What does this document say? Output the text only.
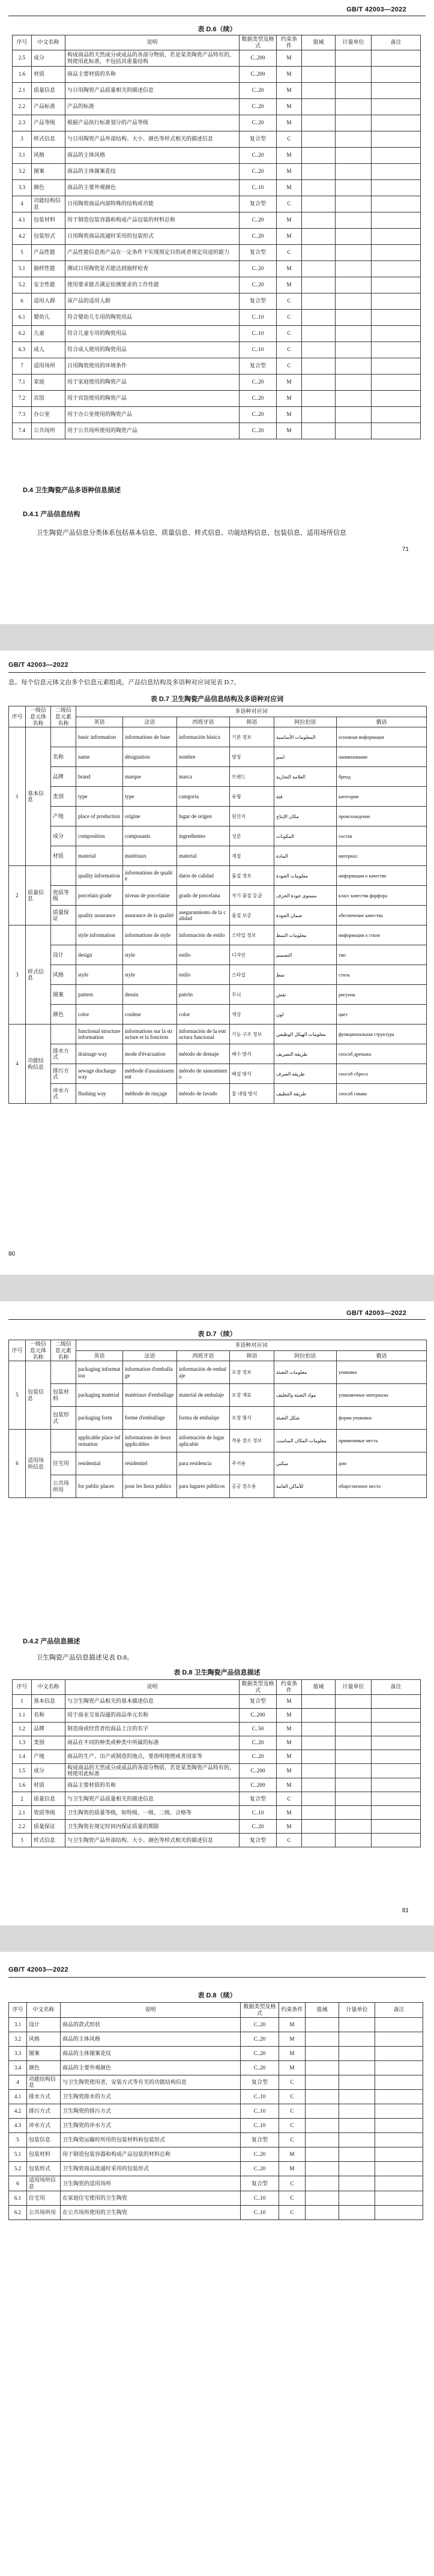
GB/T 42003—2022
表 D.6（续）
序号	中文名称	说明	数据类型及格式	约束条件	值域	计量单位	备注
2.5	成分	构成商品的天然成分或成品的各部分物质，若是某类陶瓷产品特有的，则使用此标准，不包括其重量结构	C..200	M			
1.6	材质	商品主要材质的名称	C..200	M			
2.1	质量信息	与日用陶瓷产品质量相关的描述信息	C..20	M			
2.2	产品标准	产品的标准	C..20	M			
2.3	产品等级	根据产品执行标准划分的产品等级	C..20	M			
3	样式信息	与日用陶瓷产品外部结构、大小、颜色等样式相关的描述信息	复合型	C			
3.1	风格	商品的主体风格	C..20	M			
3.2	图案	商品的主体图案花纹	C..20	M			
3.3	颜色	商品的主要外观颜色	C..10	M			
4	功能结构信息	日用陶瓷商品内部特殊的结构或功能	复合型	C			
4.1	包装材料	用于制造包装容器和构成产品包装的材料总称	C..20	M			
4.2	包装形式	日用陶瓷商品流通时采用的包装形式	C..20	M			
5	产品性能	产品性能信息指产品在一定条件下实现预定目的或者规定用途的能力	复合型	C			
5.1	抽样性能	测试日用陶瓷是否能达到抽样检查	C..20	M			
5.2	安全性能	使用要求能否满足检测要求的工作性能	C..20	M			
6	适用人群	该产品的适用人群	复合型	C			
6.1	婴幼儿	符合婴幼儿专用的陶瓷用品	C..10	C			
6.2	儿童	符合儿童专用的陶瓷用品	C..10	C			
6.3	成人	符合成人使用的陶瓷用品	C..10	C			
7	适用场所	日用陶瓷使用的环境条件	复合型	C			
7.1	家庭	用于家庭使用的陶瓷产品	C..20	M			
7.2	宾馆	用于宾馆使用的陶瓷产品	C..20	M			
7.3	办公室	用于办公室使用的陶瓷产品	C..20	M			
7.4	公共场所	用于公共场所使用的陶瓷产品	C..20	M			
D.4 卫生陶瓷产品多语种信息描述
D.4.1 产品信息结构
卫生陶瓷产品信息分类体系包括基本信息、质量信息、样式信息、功能结构信息、包装信息、适用场所信息
71
GB/T 42003—2022
息。每个信息元体文由多个信息元素组成。产品信息结构及多语种对应词见表 D.7。
表 D.7 卫生陶瓷产品信息结构及多语种对应词
序号	一级信息元体名称	二级信息元素名称	多语种对应词					
			英语	法语	西班牙语	韩语	阿拉伯语	俄语
1	基本信息		basic information	informations de base	información básica	기본 정보	المعلومات الأساسية	основная информация
		名称	name	désignation	nombre	명칭	اسم	наименование
		品牌	brand	marque	marca	브랜드	العلامة التجارية	бренд
		类别	type	type	categoría	유형	فئة	категория
		产地	place of production	origine	lugar de origen	원산지	مكان الإنتاج	происхождение
		成分	composition	composants	ingredientes	성분	المكونات	состав
		材质	material	matériaux	material	재질	المادة	материал
2	质量信息		quality information	informations de qualité	datos de calidad	품질 정보	معلومات الجودة	информация о качестве
		瓷质等级	porcelain grade	niveau de porcelaine	grado de porcelana	자기 품질 등급	مستوى جودة الخزف	класс качества фарфора
		质量保证	quality assurance	assurance de la qualité	aseguramiento de la calidad	품질 보증	ضمان الجودة	обеспечение качества
3	样式信息		style information	informations de style	información de estilo	스타일 정보	معلومات النمط	информация о стиле
		设计	design	style	estilo	디자인	التصميم	тип
		风格	style	style	estilo	스타일	نمط	стиль
		图案	pattern	dessin	patrón	무늬	نقش	рисунок
		颜色	color	couleur	color	색상	لون	цвет
4	功能结构信息		functional structure information	informations sur la structure et la fonction	información de la estructura funcional	기능 구조 정보	معلومات الهيكل الوظيفي	функциональная структура
		排水方式	drainage way	mode d'évacuation	método de drenaje	배수 방식	طريقة التصريف	способ дренажа
		排污方式	sewage discharge way	méthode d'assainissement	método de saneamiento	배설 방식	طريقة الصرف	способ сброса
		冲水方式	flushing way	méthode de rinçage	método de lavado	물 내림 방식	طريقة التنظيف	способ смыва
80
GB/T 42003—2022
表 D.7（续）
序号	一级信息元体名称	二级信息元素名称	多语种对应词					
			英语	法语	西班牙语	韩语	阿拉伯语	俄语
5	包装信息		packaging information	information d'emballage	información de embalaje	포장 정보	معلومات التعبئة	упаковка
		包装材料	packaging material	matériaux d'emballage	material de embalaje	포장 재료	مواد التعبئة والتغليف	упаковочные материалы
		包装形式	packaging form	forme d'emballage	forma de embalaje	포장 형식	شكل التعبئة	форма упаковки
6	适用场所信息		applicable place information	informations de lieux applicables	información de lugar aplicable	적용 장소 정보	معلومات المكان المناسب	применимые места
		住宅用	residential	résidentiel	para residencia	주거용	سكني	дом
		公共场所用	for public places	pour les lieux publics	para lugares públicos	공공 장소용	للأماكن العامة	общественное место
D.4.2 产品信息描述
卫生陶瓷产品信息描述见表 D.8。
表 D.8 卫生陶瓷产品信息描述
序号	中文名称	说明	数据类型及格式	约束条件	值域	计量单位	备注
1	基本信息	与卫生陶瓷产品相关的基本描述信息	复合型	M			
1.1	名称	用于商业交易沟通的商品单元名称	C..200	M			
1.2	品牌	制造商或经营者给商品上注的名字	C..50	M			
1.3	类别	商品在不同的种类或种类中所属的标准	C..20	M			
1.4	产地	商品的生产、出产或制造的地点，要指明地理或者国家等	C..20	M			
1.5	成分	构成商品的天然成分或成品的各部分物质，若是某类陶瓷产品特有的，则使用此标准	C..200	M			
1.6	材质	商品主要材质的名称	C..200	M			
2	质量信息	与卫生陶瓷产品质量相关的描述信息	复合型	C			
2.1	瓷质等级	卫生陶瓷的质量等级，如特级、一级、二级、合格等	C..10	M			
2.2	质量保证	卫生陶瓷在规定时间内保证质量的期限	C..20	M			
3	样式信息	与卫生陶瓷产品外部结构、大小、颜色等样式相关的描述信息	复合型	C			
81
GB/T 42003—2022
表 D.8（续）
序号	中文名称	说明	数据类型及格式	约束条件	值域	计量单位	备注
3.1	设计	商品的款式形状	C..20	M			
3.2	风格	商品的主体风格	C..20	M			
3.3	图案	商品的主体图案花纹	C..20	M			
3.4	颜色	商品的主要外观颜色	C..20	M			
4	功能结构信息	与卫生陶瓷使用者，安装方式等有关的功能结构信息	复合型	C			
4.1	排水方式	卫生陶瓷排水的方式	C..10	C			
4.2	排污方式	卫生陶瓷的排污方式	C..10	C			
4.3	冲水方式	卫生陶瓷的冲水方式	C..10	C			
5	包装信息	卫生陶瓷运输时所用的包装材料和包装形式	复合型	C			
5.1	包装材料	用于制造包装容器和构成产品包装的材料总称	C..20	M			
5.2	包装形式	卫生陶瓷商品流通时采用的包装形式	C..20	M			
6	适用场所信息	卫生陶瓷的适用场所	复合型	C			
6.1	住宅用	在家庭住宅使用的卫生陶瓷	C..10	C			
6.2	公共场所用	在公共场所使用的卫生陶瓷	C..10	C			
